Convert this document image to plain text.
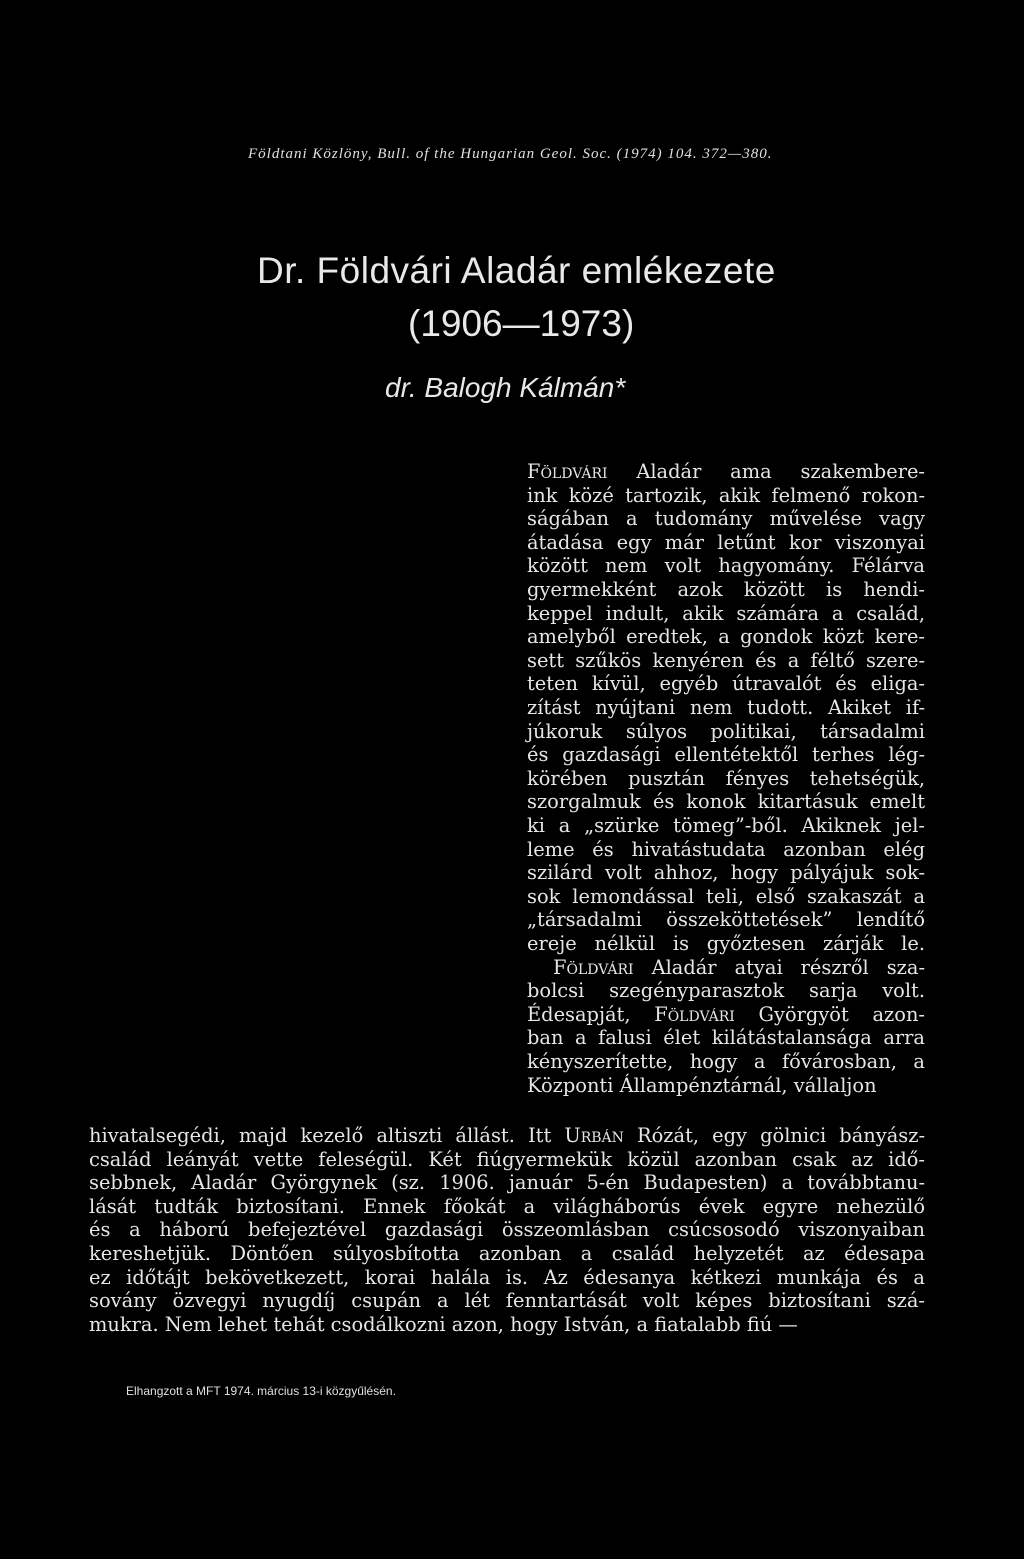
Földtani Közlöny, Bull. of the Hungarian Geol. Soc. (1974) 104. 372—380.
Dr. Földvári Aladár emlékezete
(1906—1973)
dr. Balogh Kálmán*
Földvári Aladár ama szakembere-
ink közé tartozik, akik felmenő rokon-
ságában a tudomány művelése vagy
átadása egy már letűnt kor viszonyai
között nem volt hagyomány. Félárva
gyermekként azok között is hendi-
keppel indult, akik számára a család,
amelyből eredtek, a gondok közt kere-
sett szűkös kenyéren és a féltő szere-
teten kívül, egyéb útravalót és eliga-
zítást nyújtani nem tudott. Akiket if-
júkoruk súlyos politikai, társadalmi
és gazdasági ellentétektől terhes lég-
körében pusztán fényes tehetségük,
szorgalmuk és konok kitartásuk emelt
ki a „szürke tömeg”-ből. Akiknek jel-
leme és hivatástudata azonban elég
szilárd volt ahhoz, hogy pályájuk sok-
sok lemondással teli, első szakaszát a
„társadalmi összeköttetések” lendítő
ereje nélkül is győztesen zárják le.
Földvári Aladár atyai részről sza-
bolcsi szegényparasztok sarja volt.
Édesapját, Földvári Györgyöt azon-
ban a falusi élet kilátástalansága arra
kényszerítette, hogy a fővárosban, a
Központi Állampénztárnál, vállaljon
hivatalsegédi, majd kezelő altiszti állást. Itt Urbán Rózát, egy gölnici bányász-
család leányát vette feleségül. Két fiúgyermekük közül azonban csak az idő-
sebbnek, Aladár Györgynek (sz. 1906. január 5-én Budapesten) a továbbtanu-
lását tudták biztosítani. Ennek főokát a világháborús évek egyre nehezülő
és a háború befejeztével gazdasági összeomlásban csúcsosodó viszonyaiban
kereshetjük. Döntően súlyosbította azonban a család helyzetét az édesapa
ez időtájt bekövetkezett, korai halála is. Az édesanya kétkezi munkája és a
sovány özvegyi nyugdíj csupán a lét fenntartását volt képes biztosítani szá-
mukra. Nem lehet tehát csodálkozni azon, hogy István, a fiatalabb fiú —
Elhangzott a MFT 1974. március 13-i közgyűlésén.
